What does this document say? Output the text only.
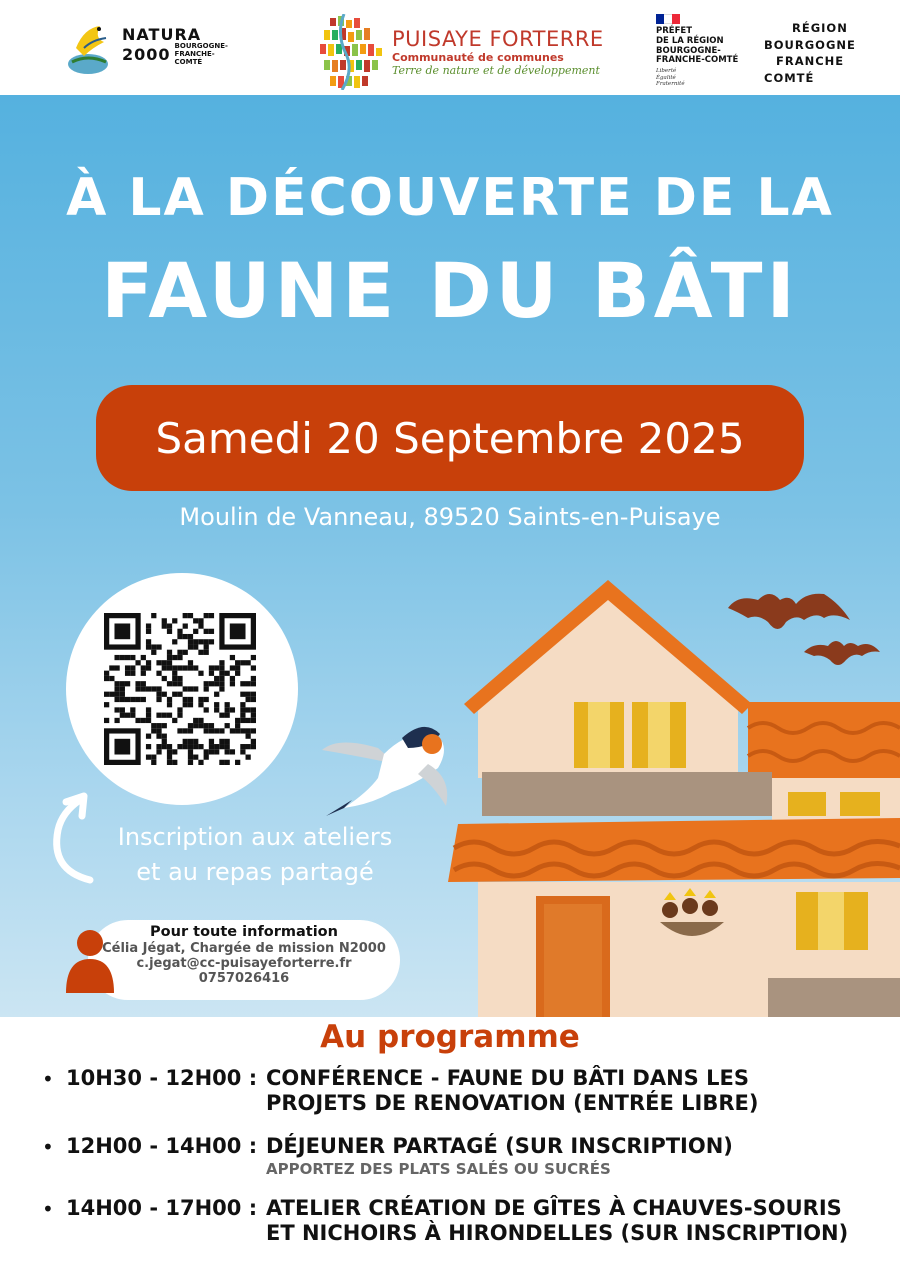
NATURA
2000 BOURGOGNE-
FRANCHE-
COMTÉ
PUISAYE FORTERRE
Communauté de communes
Terre de nature et de développement
PRÉFET
DE LA RÉGION
BOURGOGNE-
FRANCHE-COMTÉ
Liberté
Égalité
Fraternité
RÉGION
BOURGOGNE
FRANCHE
COMTÉ
À LA DÉCOUVERTE DE LA
FAUNE DU BÂTI
Samedi 20 Septembre 2025
Moulin de Vanneau, 89520 Saints-en-Puisaye
Inscription aux ateliers
et au repas partagé
Pour toute information
Célia Jégat, Chargée de mission N2000
c.jegat@cc-puisayeforterre.fr
0757026416
Au programme
• 10H30 - 12H00 : CONFÉRENCE - FAUNE DU BÂTI DANS LES
PROJETS DE RENOVATION (ENTRÉE LIBRE)
• 12H00 - 14H00 : DÉJEUNER PARTAGÉ (SUR INSCRIPTION)
APPORTEZ DES PLATS SALÉS OU SUCRÉS
• 14H00 - 17H00 : ATELIER CRÉATION DE GÎTES À CHAUVES-SOURIS
ET NICHOIRS À HIRONDELLES (SUR INSCRIPTION)
